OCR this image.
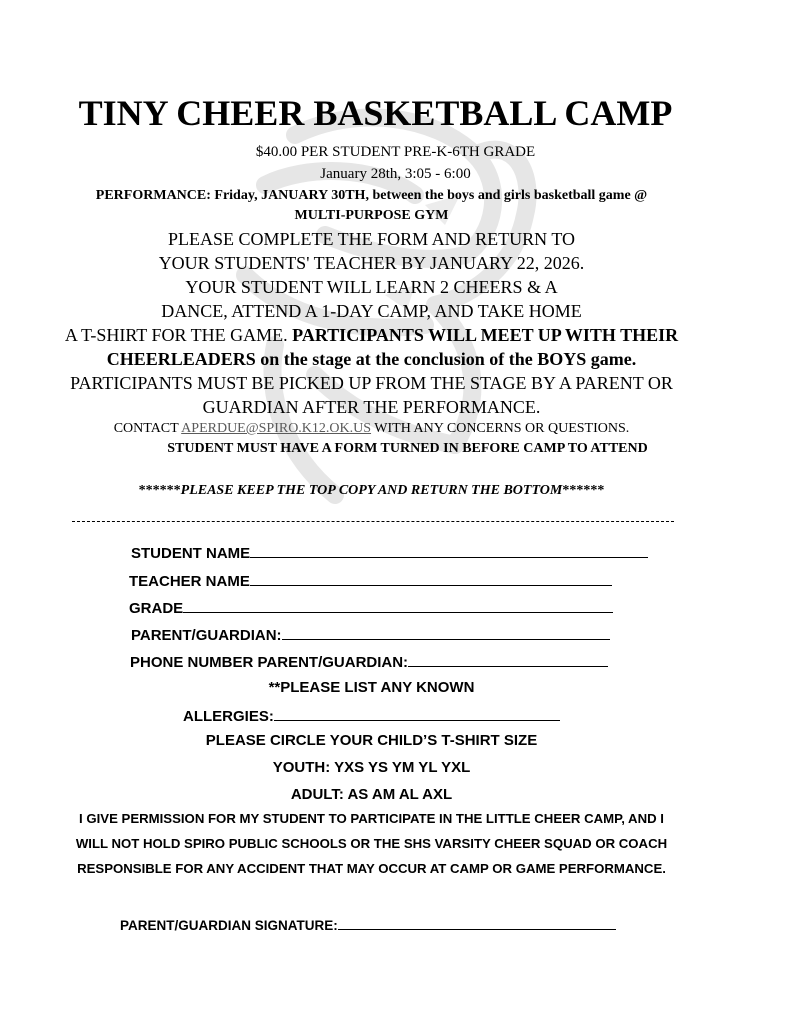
TINY CHEER BASKETBALL CAMP
$40.00 PER STUDENT PRE-K-6TH GRADE
January 28th, 3:05 - 6:00
PERFORMANCE: Friday, JANUARY 30TH, between the boys and girls basketball game @
MULTI-PURPOSE GYM
PLEASE COMPLETE THE FORM AND RETURN TO
YOUR STUDENTS' TEACHER BY JANUARY 22, 2026.
YOUR STUDENT WILL LEARN 2 CHEERS & A
DANCE, ATTEND A 1-DAY CAMP, AND TAKE HOME
A T-SHIRT FOR THE GAME. PARTICIPANTS WILL MEET UP WITH THEIR
CHEERLEADERS on the stage at the conclusion of the BOYS game.
PARTICIPANTS MUST BE PICKED UP FROM THE STAGE BY A PARENT OR
GUARDIAN AFTER THE PERFORMANCE.
CONTACT APERDUE@SPIRO.K12.OK.US WITH ANY CONCERNS OR QUESTIONS.
STUDENT MUST HAVE A FORM TURNED IN BEFORE CAMP TO ATTEND
******PLEASE KEEP THE TOP COPY AND RETURN THE BOTTOM******
STUDENT NAME
TEACHER NAME
GRADE
PARENT/GUARDIAN:
PHONE NUMBER PARENT/GUARDIAN:
**PLEASE LIST ANY KNOWN
ALLERGIES:
PLEASE CIRCLE YOUR CHILD’S T-SHIRT SIZE
YOUTH: YXS YS YM YL YXL
ADULT: AS AM AL AXL
I GIVE PERMISSION FOR MY STUDENT TO PARTICIPATE IN THE LITTLE CHEER CAMP, AND I
WILL NOT HOLD SPIRO PUBLIC SCHOOLS OR THE SHS VARSITY CHEER SQUAD OR COACH
RESPONSIBLE FOR ANY ACCIDENT THAT MAY OCCUR AT CAMP OR GAME PERFORMANCE.
PARENT/GUARDIAN SIGNATURE:
